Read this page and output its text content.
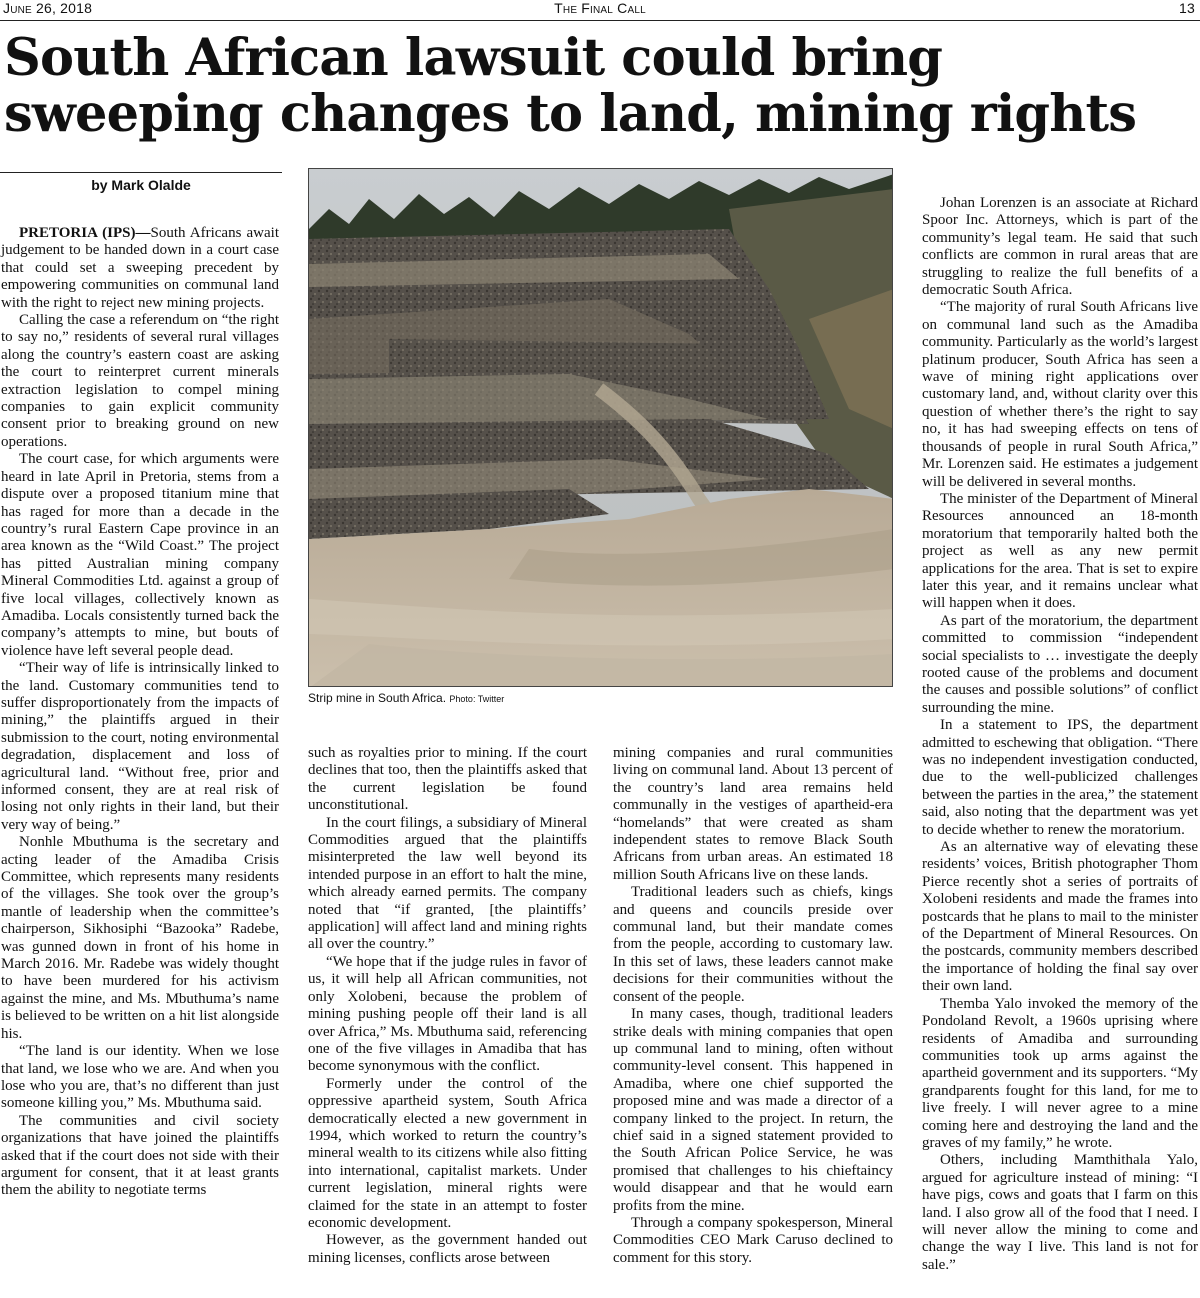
June 26, 2018	The Final Call	13
South African lawsuit could bring sweeping changes to land, mining rights
by Mark Olalde

PRETORIA (IPS)—South Africans await judgement to be handed down in a court case that could set a sweeping precedent by empowering communities on communal land with the right to reject new mining projects.

Calling the case a referendum on “the right to say no,” residents of several rural villages along the country’s eastern coast are asking the court to reinterpret current minerals extraction legislation to compel mining companies to gain explicit community consent prior to breaking ground on new operations.

The court case, for which arguments were heard in late April in Pretoria, stems from a dispute over a proposed titanium mine that has raged for more than a decade in the country’s rural Eastern Cape province in an area known as the “Wild Coast.” The project has pitted Australian mining company Mineral Commodities Ltd. against a group of five local villages, collectively known as Amadiba. Locals consistently turned back the company’s attempts to mine, but bouts of violence have left several people dead.

“Their way of life is intrinsically linked to the land. Customary communities tend to suffer disproportionately from the impacts of mining,” the plaintiffs argued in their submission to the court, noting environmental degradation, displacement and loss of agricultural land. “Without free, prior and informed consent, they are at real risk of losing not only rights in their land, but their very way of being.”

Nonhle Mbuthuma is the secretary and acting leader of the Amadiba Crisis Committee, which represents many residents of the villages. She took over the group’s mantle of leadership when the committee’s chairperson, Sikhosiphi “Bazooka” Radebe, was gunned down in front of his home in March 2016. Mr. Radebe was widely thought to have been murdered for his activism against the mine, and Ms. Mbuthuma’s name is believed to be written on a hit list alongside his.

“The land is our identity. When we lose that land, we lose who we are. And when you lose who you are, that’s no different than just someone killing you,” Ms. Mbuthuma said.

The communities and civil society organizations that have joined the plaintiffs asked that if the court does not side with their argument for consent, that it at least grants them the ability to negotiate terms

Strip mine in South Africa. Photo: Twitter

such as royalties prior to mining. If the court declines that too, then the plaintiffs asked that the current legislation be found unconstitutional.

In the court filings, a subsidiary of Mineral Commodities argued that the plaintiffs misinterpreted the law well beyond its intended purpose in an effort to halt the mine, which already earned permits. The company noted that “if granted, [the plaintiffs’ application] will affect land and mining rights all over the country.”

“We hope that if the judge rules in favor of us, it will help all African communities, not only Xolobeni, because the problem of mining pushing people off their land is all over Africa,” Ms. Mbuthuma said, referencing one of the five villages in Amadiba that has become synonymous with the conflict.

Formerly under the control of the oppressive apartheid system, South Africa democratically elected a new government in 1994, which worked to return the country’s mineral wealth to its citizens while also fitting into international, capitalist markets. Under current legislation, mineral rights were claimed for the state in an attempt to foster economic development.

However, as the government handed out mining licenses, conflicts arose between

mining companies and rural communities living on communal land. About 13 percent of the country’s land area remains held communally in the vestiges of apartheid-era “homelands” that were created as sham independent states to remove Black South Africans from urban areas. An estimated 18 million South Africans live on these lands.

Traditional leaders such as chiefs, kings and queens and councils preside over communal land, but their mandate comes from the people, according to customary law. In this set of laws, these leaders cannot make decisions for their communities without the consent of the people.

In many cases, though, traditional leaders strike deals with mining companies that open up communal land to mining, often without community-level consent. This happened in Amadiba, where one chief supported the proposed mine and was made a director of a company linked to the project. In return, the chief said in a signed statement provided to the South African Police Service, he was promised that challenges to his chieftaincy would disappear and that he would earn profits from the mine.

Through a company spokesperson, Mineral Commodities CEO Mark Caruso declined to comment for this story.

Johan Lorenzen is an associate at Richard Spoor Inc. Attorneys, which is part of the community’s legal team. He said that such conflicts are common in rural areas that are struggling to realize the full benefits of a democratic South Africa.

“The majority of rural South Africans live on communal land such as the Amadiba community. Particularly as the world’s largest platinum producer, South Africa has seen a wave of mining right applications over customary land, and, without clarity over this question of whether there’s the right to say no, it has had sweeping effects on tens of thousands of people in rural South Africa,” Mr. Lorenzen said. He estimates a judgement will be delivered in several months.

The minister of the Department of Mineral Resources announced an 18-month moratorium that temporarily halted both the project as well as any new permit applications for the area. That is set to expire later this year, and it remains unclear what will happen when it does.

As part of the moratorium, the department committed to commission “independent social specialists to … investigate the deeply rooted cause of the problems and document the causes and possible solutions” of conflict surrounding the mine.

In a statement to IPS, the department admitted to eschewing that obligation. “There was no independent investigation conducted, due to the well-publicized challenges between the parties in the area,” the statement said, also noting that the department was yet to decide whether to renew the moratorium.

As an alternative way of elevating these residents’ voices, British photographer Thom Pierce recently shot a series of portraits of Xolobeni residents and made the frames into postcards that he plans to mail to the minister of the Department of Mineral Resources. On the postcards, community members described the importance of holding the final say over their own land.

Themba Yalo invoked the memory of the Pondoland Revolt, a 1960s uprising where residents of Amadiba and surrounding communities took up arms against the apartheid government and its supporters. “My grandparents fought for this land, for me to live freely. I will never agree to a mine coming here and destroying the land and the graves of my family,” he wrote.

Others, including Mamthithala Yalo, argued for agriculture instead of mining: “I have pigs, cows and goats that I farm on this land. I also grow all of the food that I need. I will never allow the mining to come and change the way I live. This land is not for sale.”
